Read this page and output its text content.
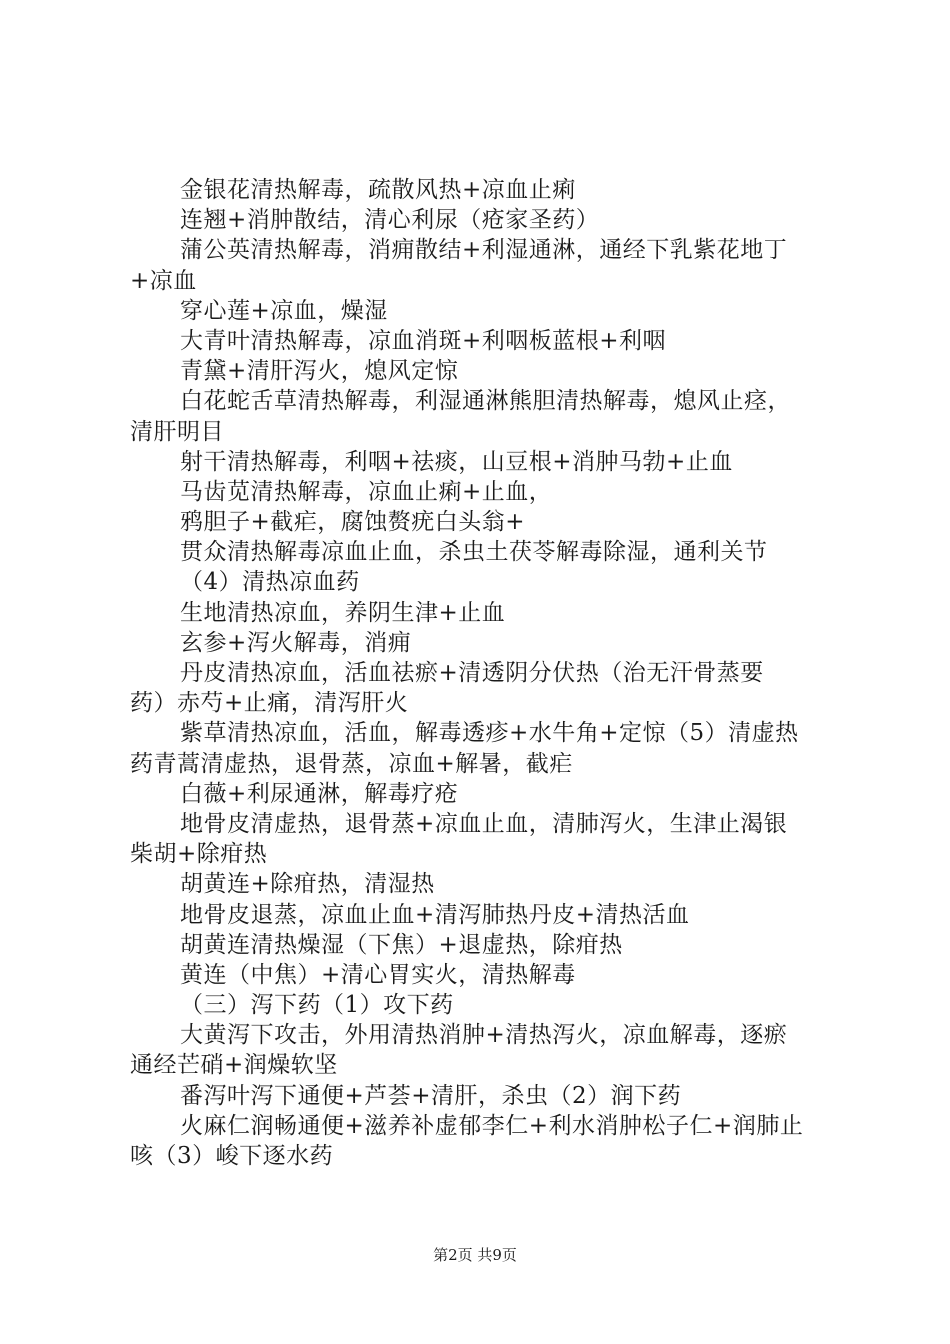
金银花清热解毒，疏散风热+凉血止痢
连翘+消肿散结，清心利尿（疮家圣药）
蒲公英清热解毒，消痈散结+利湿通淋，通经下乳紫花地丁
+凉血
穿心莲+凉血，燥湿
大青叶清热解毒，凉血消斑+利咽板蓝根+利咽
青黛+清肝泻火，熄风定惊
白花蛇舌草清热解毒，利湿通淋熊胆清热解毒，熄风止痉，
清肝明目
射干清热解毒，利咽+祛痰，山豆根+消肿马勃+止血
马齿苋清热解毒，凉血止痢+止血，
鸦胆子+截疟，腐蚀赘疣白头翁+
贯众清热解毒凉血止血，杀虫土茯苓解毒除湿，通利关节
（4）清热凉血药
生地清热凉血，养阴生津+止血
玄参+泻火解毒，消痈
丹皮清热凉血，活血祛瘀+清透阴分伏热（治无汗骨蒸要
药）赤芍+止痛，清泻肝火
紫草清热凉血，活血，解毒透疹+水牛角+定惊（5）清虚热
药青蒿清虚热，退骨蒸，凉血+解暑，截疟
白薇+利尿通淋，解毒疗疮
地骨皮清虚热，退骨蒸+凉血止血，清肺泻火，生津止渴银
柴胡+除疳热
胡黄连+除疳热，清湿热
地骨皮退蒸，凉血止血+清泻肺热丹皮+清热活血
胡黄连清热燥湿（下焦）+退虚热，除疳热
黄连（中焦）+清心胃实火，清热解毒
（三）泻下药（1）攻下药
大黄泻下攻击，外用清热消肿+清热泻火，凉血解毒，逐瘀
通经芒硝+润燥软坚
番泻叶泻下通便+芦荟+清肝，杀虫（2）润下药
火麻仁润畅通便+滋养补虚郁李仁+利水消肿松子仁+润肺止
咳（3）峻下逐水药
第2页 共9页
